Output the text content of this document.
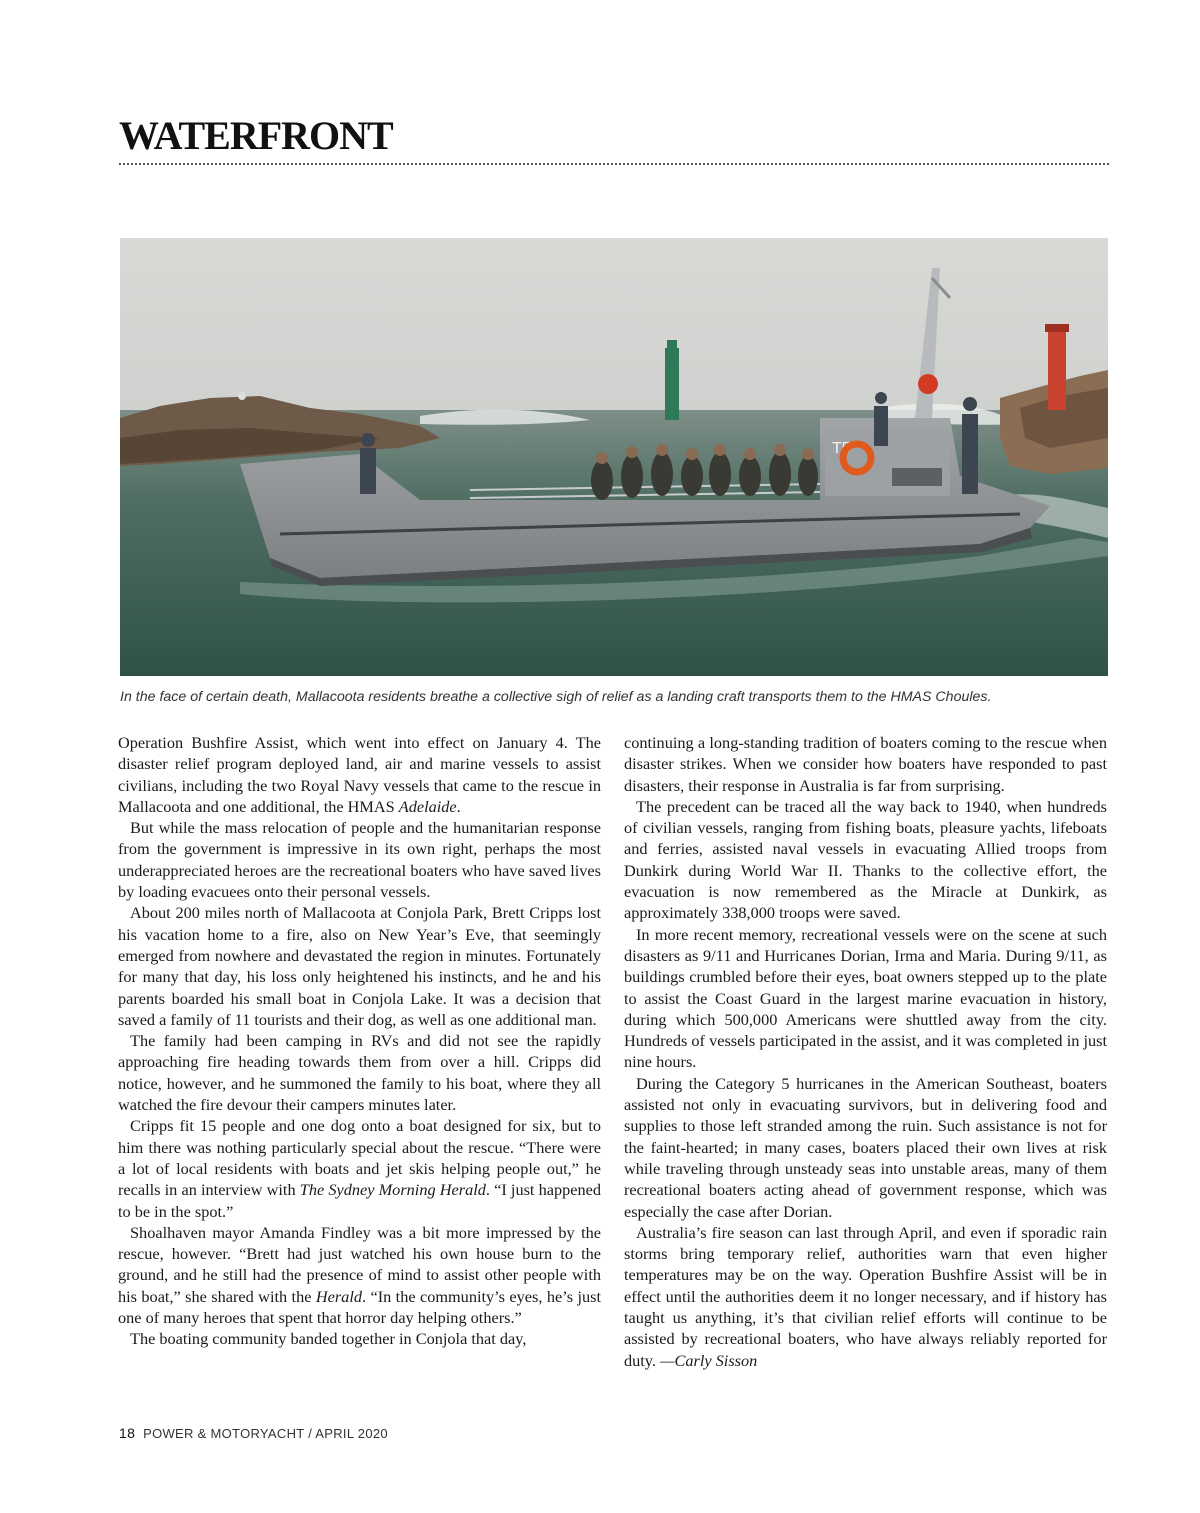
WATERFRONT
T5

In the face of certain death, Mallacoota residents breathe a collective sigh of relief as a landing craft transports them to the HMAS Choules.

Operation Bushfire Assist, which went into effect on January 4. The disaster relief program deployed land, air and marine vessels to assist civilians, including the two Royal Navy vessels that came to the rescue in Mallacoota and one additional, the HMAS Adelaide.

But while the mass relocation of people and the humanitarian response from the government is impressive in its own right, perhaps the most underappreciated heroes are the recreational boaters who have saved lives by loading evacuees onto their personal vessels.

About 200 miles north of Mallacoota at Conjola Park, Brett Cripps lost his vacation home to a fire, also on New Year’s Eve, that seemingly emerged from nowhere and devastated the region in minutes. Fortunately for many that day, his loss only heightened his instincts, and he and his parents boarded his small boat in Conjola Lake. It was a decision that saved a family of 11 tourists and their dog, as well as one additional man.

The family had been camping in RVs and did not see the rapidly approaching fire heading towards them from over a hill. Cripps did notice, however, and he summoned the family to his boat, where they all watched the fire devour their campers minutes later.

Cripps fit 15 people and one dog onto a boat designed for six, but to him there was nothing particularly special about the rescue. “There were a lot of local residents with boats and jet skis helping people out,” he recalls in an interview with The Sydney Morning Herald. “I just happened to be in the spot.”

Shoalhaven mayor Amanda Findley was a bit more impressed by the rescue, however. “Brett had just watched his own house burn to the ground, and he still had the presence of mind to assist other people with his boat,” she shared with the Herald. “In the community’s eyes, he’s just one of many heroes that spent that horror day helping others.”

The boating community banded together in Conjola that day,

continuing a long-standing tradition of boaters coming to the rescue when disaster strikes. When we consider how boaters have responded to past disasters, their response in Australia is far from surprising.

The precedent can be traced all the way back to 1940, when hundreds of civilian vessels, ranging from fishing boats, pleasure yachts, lifeboats and ferries, assisted naval vessels in evacuating Allied troops from Dunkirk during World War II. Thanks to the collective effort, the evacuation is now remembered as the Miracle at Dunkirk, as approximately 338,000 troops were saved.

In more recent memory, recreational vessels were on the scene at such disasters as 9/11 and Hurricanes Dorian, Irma and Maria. During 9/11, as buildings crumbled before their eyes, boat owners stepped up to the plate to assist the Coast Guard in the largest marine evacuation in history, during which 500,000 Americans were shuttled away from the city. Hundreds of vessels participated in the assist, and it was completed in just nine hours.

During the Category 5 hurricanes in the American Southeast, boaters assisted not only in evacuating survivors, but in delivering food and supplies to those left stranded among the ruin. Such assistance is not for the faint-hearted; in many cases, boaters placed their own lives at risk while traveling through unsteady seas into unstable areas, many of them recreational boaters acting ahead of government response, which was especially the case after Dorian.

Australia’s fire season can last through April, and even if sporadic rain storms bring temporary relief, authorities warn that even higher temperatures may be on the way. Operation Bushfire Assist will be in effect until the authorities deem it no longer necessary, and if history has taught us anything, it’s that civilian relief efforts will continue to be assisted by recreational boaters, who have always reliably reported for duty. —Carly Sisson

18 POWER & MOTORYACHT / APRIL 2020
